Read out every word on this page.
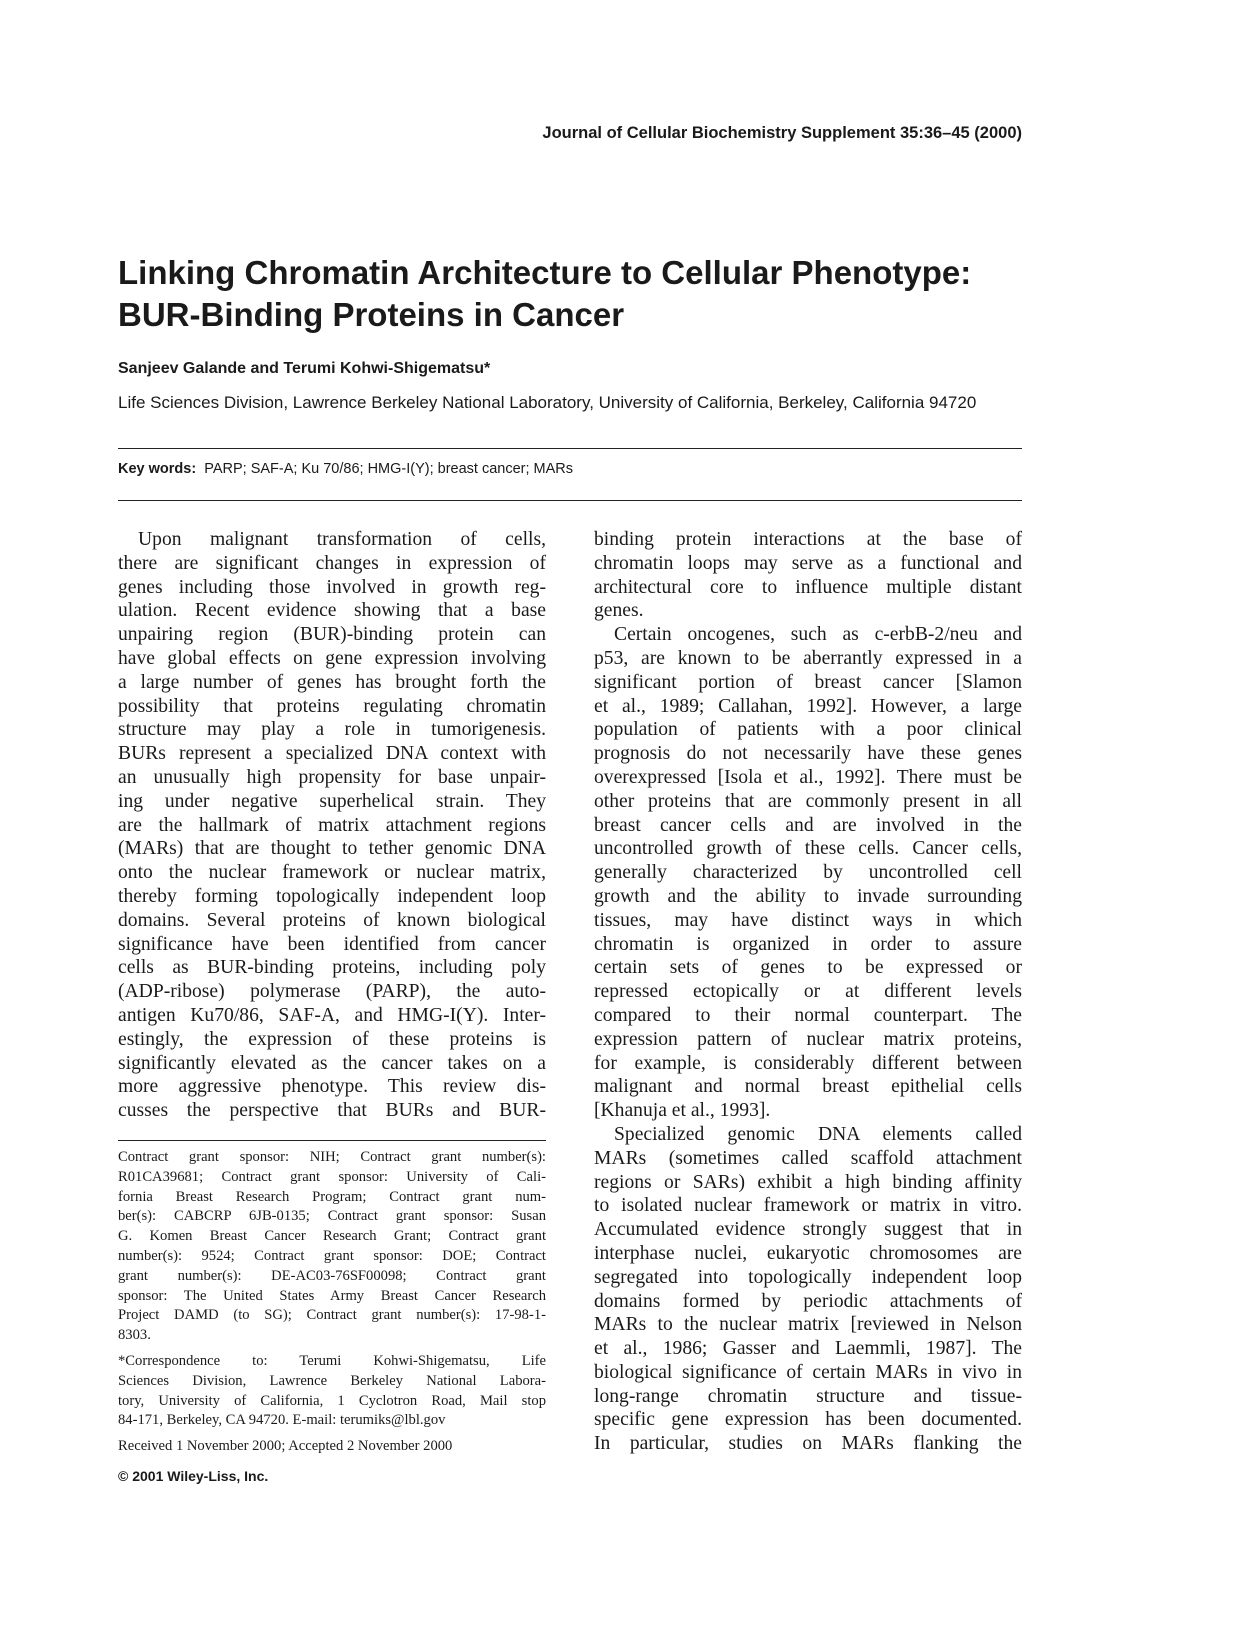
Journal of Cellular Biochemistry Supplement 35:36–45 (2000)
Linking Chromatin Architecture to Cellular Phenotype:
BUR-Binding Proteins in Cancer
Sanjeev Galande and Terumi Kohwi-Shigematsu*
Life Sciences Division, Lawrence Berkeley National Laboratory, University of California, Berkeley, California 94720
Key words: PARP; SAF-A; Ku 70/86; HMG-I(Y); breast cancer; MARs
Upon malignant transformation of cells,
there are significant changes in expression of
genes including those involved in growth reg-
ulation. Recent evidence showing that a base
unpairing region (BUR)-binding protein can
have global effects on gene expression involving
a large number of genes has brought forth the
possibility that proteins regulating chromatin
structure may play a role in tumorigenesis.
BURs represent a specialized DNA context with
an unusually high propensity for base unpair-
ing under negative superhelical strain. They
are the hallmark of matrix attachment regions
(MARs) that are thought to tether genomic DNA
onto the nuclear framework or nuclear matrix,
thereby forming topologically independent loop
domains. Several proteins of known biological
significance have been identified from cancer
cells as BUR-binding proteins, including poly
(ADP-ribose) polymerase (PARP), the auto-
antigen Ku70/86, SAF-A, and HMG-I(Y). Inter-
estingly, the expression of these proteins is
significantly elevated as the cancer takes on a
more aggressive phenotype. This review dis-
cusses the perspective that BURs and BUR-
binding protein interactions at the base of
chromatin loops may serve as a functional and
architectural core to influence multiple distant
genes.
Certain oncogenes, such as c-erbB-2/neu and
p53, are known to be aberrantly expressed in a
significant portion of breast cancer [Slamon
et al., 1989; Callahan, 1992]. However, a large
population of patients with a poor clinical
prognosis do not necessarily have these genes
overexpressed [Isola et al., 1992]. There must be
other proteins that are commonly present in all
breast cancer cells and are involved in the
uncontrolled growth of these cells. Cancer cells,
generally characterized by uncontrolled cell
growth and the ability to invade surrounding
tissues, may have distinct ways in which
chromatin is organized in order to assure
certain sets of genes to be expressed or
repressed ectopically or at different levels
compared to their normal counterpart. The
expression pattern of nuclear matrix proteins,
for example, is considerably different between
malignant and normal breast epithelial cells
[Khanuja et al., 1993].
Specialized genomic DNA elements called
MARs (sometimes called scaffold attachment
regions or SARs) exhibit a high binding affinity
to isolated nuclear framework or matrix in vitro.
Accumulated evidence strongly suggest that in
interphase nuclei, eukaryotic chromosomes are
segregated into topologically independent loop
domains formed by periodic attachments of
MARs to the nuclear matrix [reviewed in Nelson
et al., 1986; Gasser and Laemmli, 1987]. The
biological significance of certain MARs in vivo in
long-range chromatin structure and tissue-
specific gene expression has been documented.
In particular, studies on MARs flanking the
Contract grant sponsor: NIH; Contract grant number(s):
R01CA39681; Contract grant sponsor: University of Cali-
fornia Breast Research Program; Contract grant num-
ber(s): CABCRP 6JB-0135; Contract grant sponsor: Susan
G. Komen Breast Cancer Research Grant; Contract grant
number(s): 9524; Contract grant sponsor: DOE; Contract
grant number(s): DE-AC03-76SF00098; Contract grant
sponsor: The United States Army Breast Cancer Research
Project DAMD (to SG); Contract grant number(s): 17-98-1-
8303.
*Correspondence to: Terumi Kohwi-Shigematsu, Life
Sciences Division, Lawrence Berkeley National Labora-
tory, University of California, 1 Cyclotron Road, Mail stop
84-171, Berkeley, CA 94720. E-mail: terumiks@lbl.gov
Received 1 November 2000; Accepted 2 November 2000
© 2001 Wiley-Liss, Inc.
